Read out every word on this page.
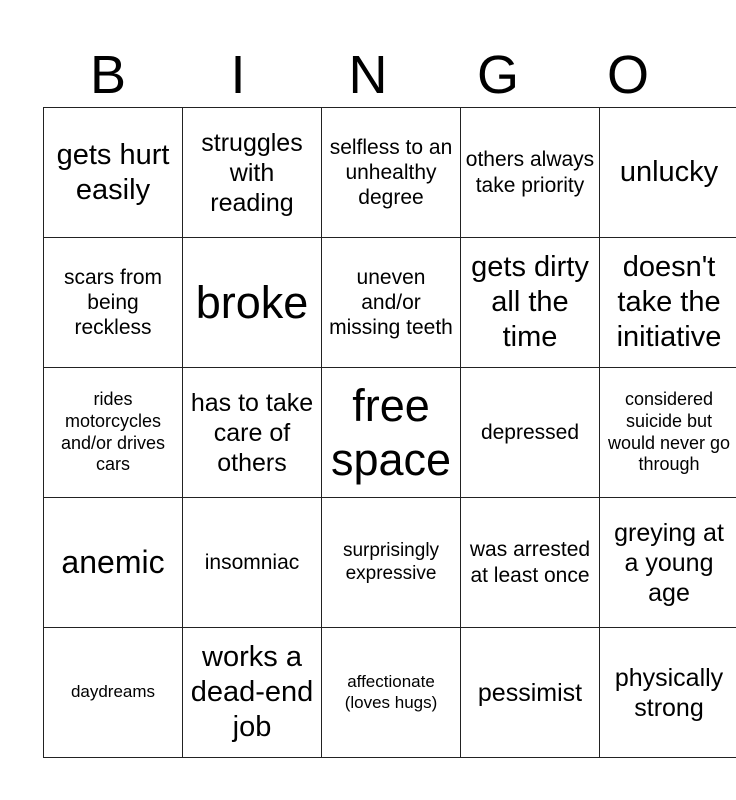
B	I	N	G	O
gets hurt easily	struggles with reading	selfless to an unhealthy degree	others always take priority	unlucky
scars from being reckless	broke	uneven and/or missing teeth	gets dirty all the time	doesn't take the initiative
rides motorcycles and/or drives cars	has to take care of others	free space	depressed	considered suicide but would never go through
anemic	insomniac	surprisingly expressive	was arrested at least once	greying at a young age
daydreams	works a dead-end job	affectionate (loves hugs)	pessimist	physically strong
